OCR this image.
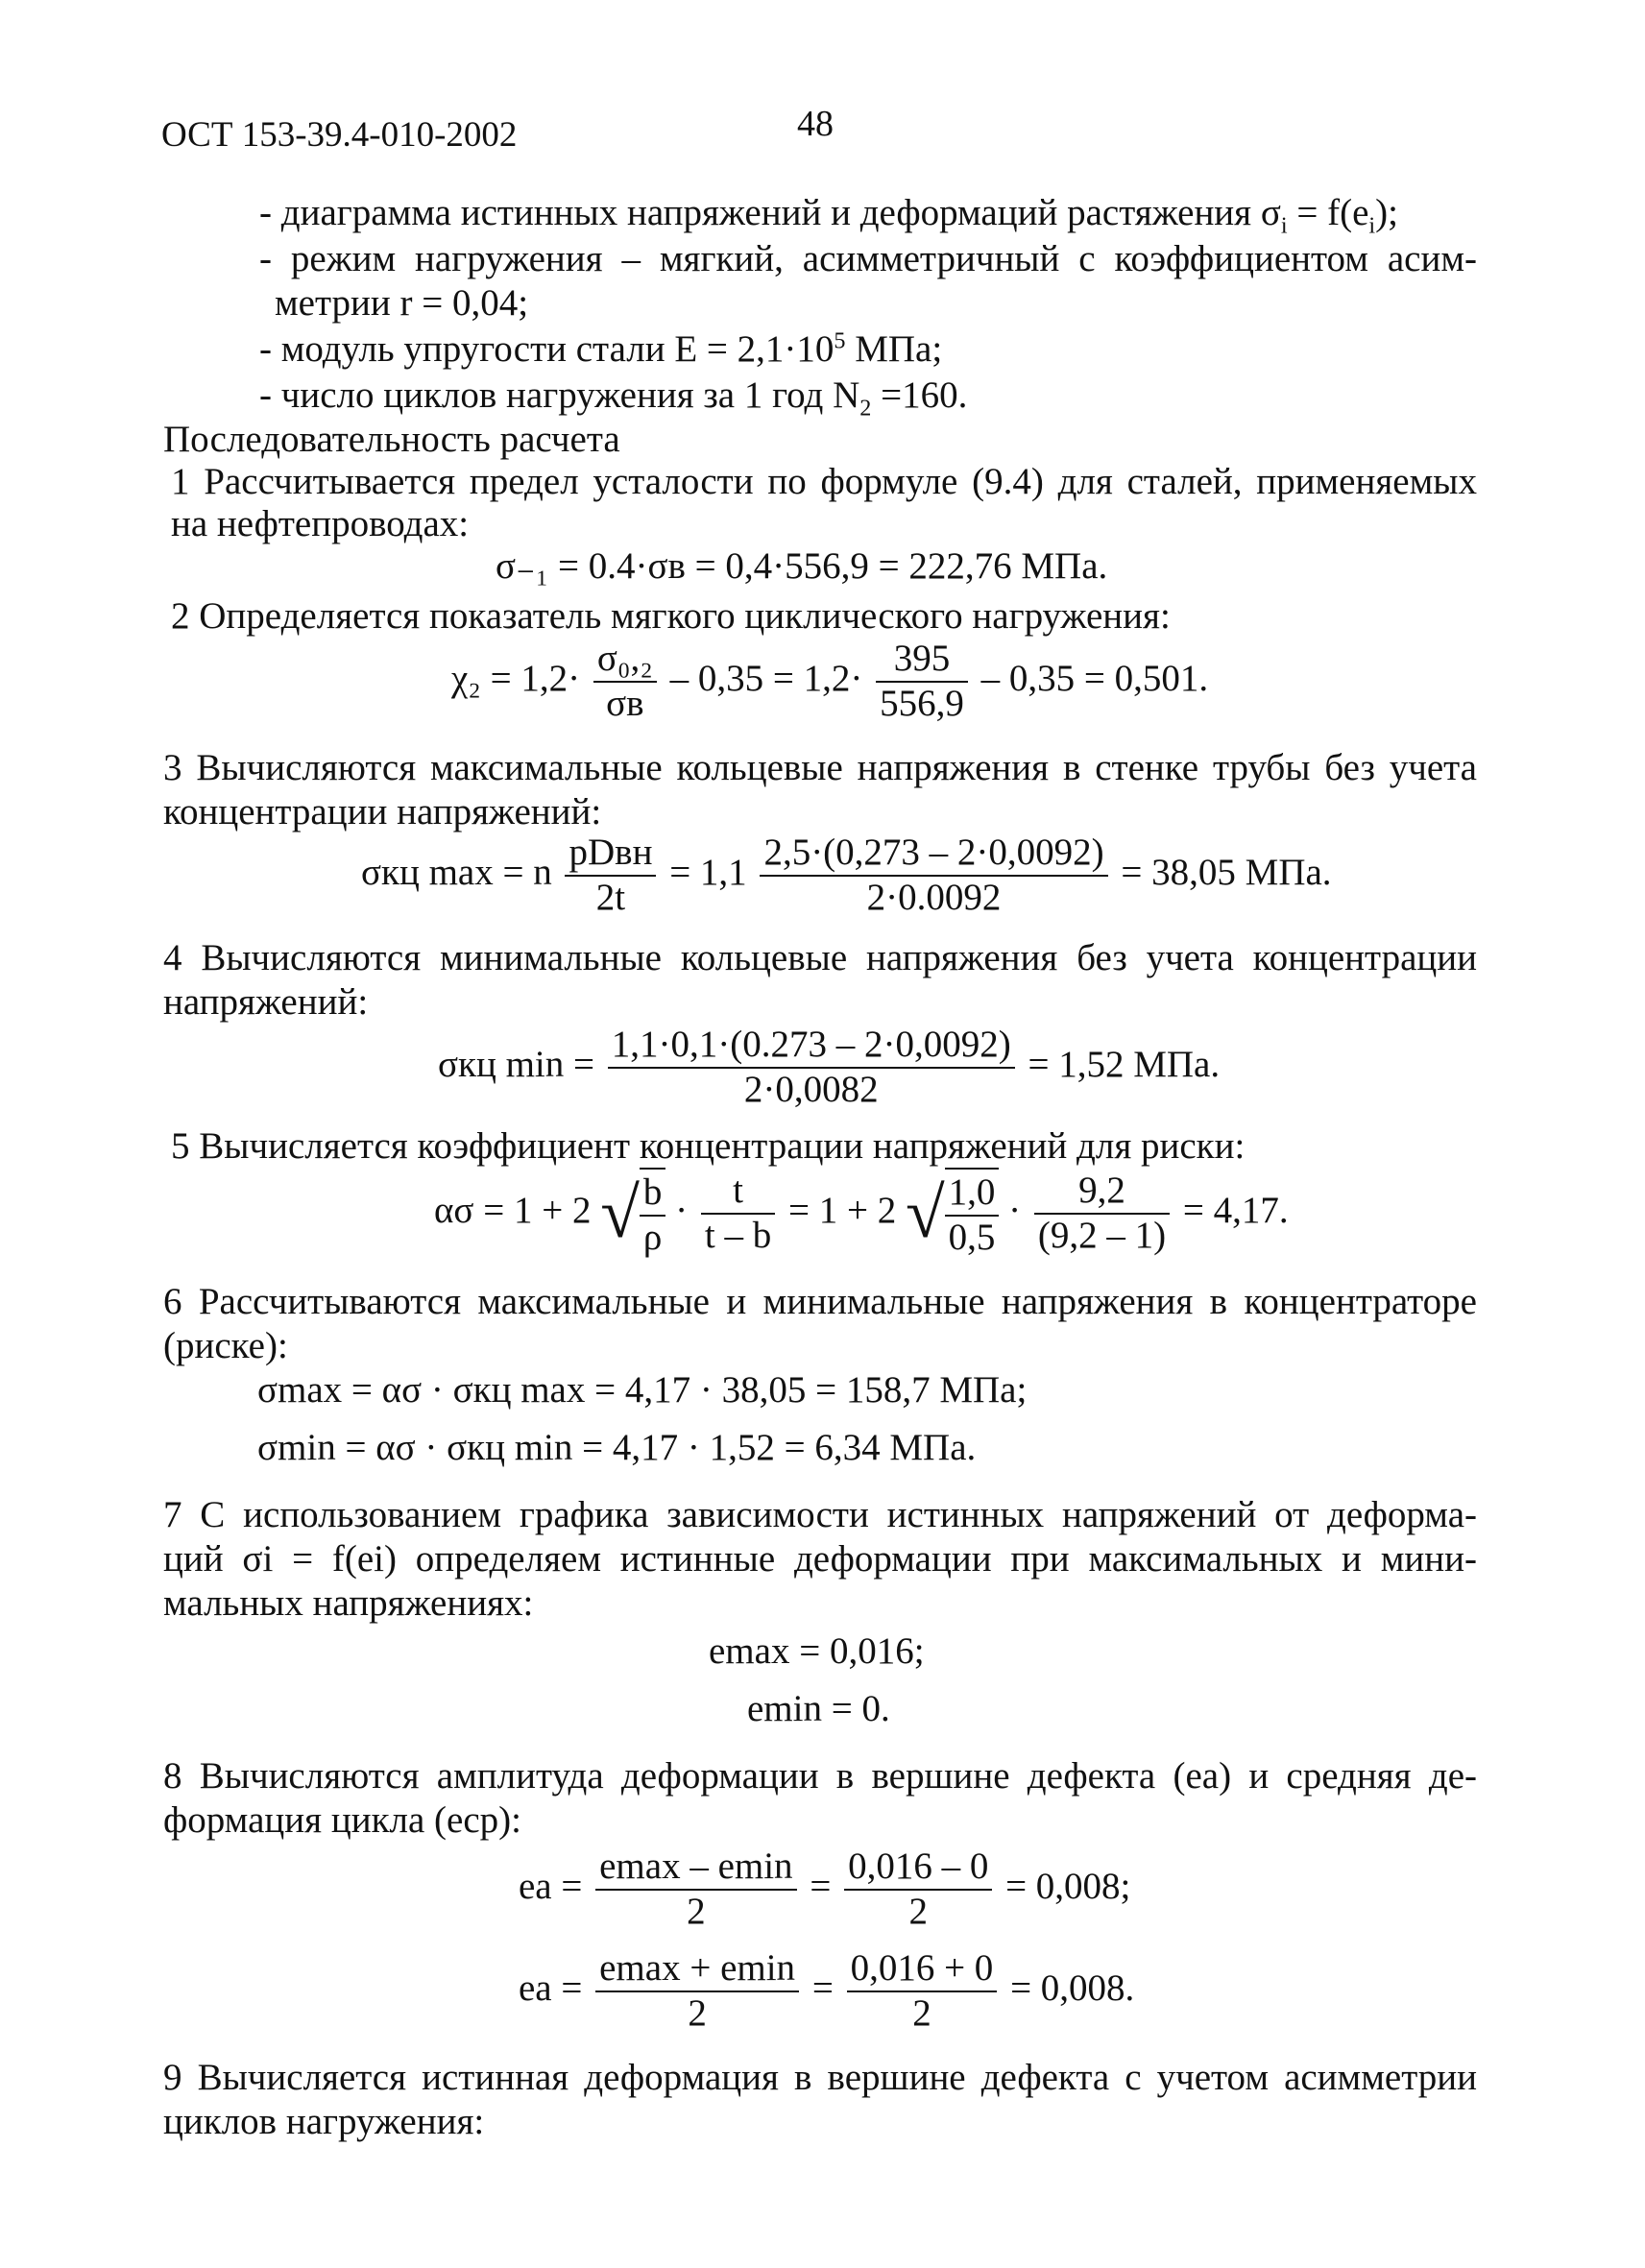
ОСТ 153-39.4-010-2002	48
- диаграмма истинных напряжений и деформаций растяжения $\sigma_i = f(e_i)$;
- режим нагружения – мягкий, асимметричный с коэффициентом асим-
метрии r = 0,04;
- модуль упругости стали $E = 2,1\cdot 10^5$ МПа;
- число циклов нагружения за 1 год $N_2 =160$.
Последовательность расчета
1 Рассчитывается предел усталости по формуле (9.4) для сталей, применяемых
на нефтепроводах:
σ₋₁ = 0.4·σв = 0,4·556,9 = 222,76 МПа.
2 Определяется показатель мягкого циклического нагружения:
$\chi_2 = 1,2\cdot \frac{\text{σ₀,₂}}{\sigma в} - 0,35 = 1,2\cdot \frac{395}{556,9} - 0,35 = 0,501$.
3 Вычисляются максимальные кольцевые напряжения в стенке трубы без учета
концентрации напряжений:
σкц max = n $\frac{\text{pDвн}}{2t} = 1,1 \frac{2,5\cdot(0,273 - 2\cdot 0,0092)}{2\cdot 0.0092} = 38,05$ МПа.
4 Вычисляются минимальные кольцевые напряжения без учета концентрации
напряжений:
σкц $\min = \frac{1,1\cdot 0,1\cdot(0.273 - 2\cdot 0,0092)}{2\cdot 0,0082} = 1,52$ МПа.
5 Вычисляется коэффициент концентрации напряжений для риски:
ασ = 1 + 2 √ $\frac{b}{\rho} \cdot \frac{t}{t - b} = 1 + 2$ √ $\frac{1,0}{0,5} \cdot \frac{9,2}{(9,2 - 1)} = 4,17$.
6 Рассчитываются максимальные и минимальные напряжения в концентраторе
(риске):
σmax = ασ · σкц max = 4,17 · 38,05 = 158,7 МПа;
σmin = ασ · σкц min = 4,17 · 1,52 = 6,34 МПа.
7 С использованием графика зависимости истинных напряжений от деформа-
ций σi = f(ei) определяем истинные деформации при максимальных и мини-
мальных напряжениях:
emax = 0,016;
emin = 0.
8 Вычисляются амплитуда деформации в вершине дефекта (ea) и средняя де-
формация цикла (eср):
ea = $\frac{emax - emin}{2} = \frac{0,016 - 0}{2} = 0,008$;
ea = $\frac{emax + emin}{2} = \frac{0,016 + 0}{2} = 0,008$.
9 Вычисляется истинная деформация в вершине дефекта с учетом асимметрии
циклов нагружения:
